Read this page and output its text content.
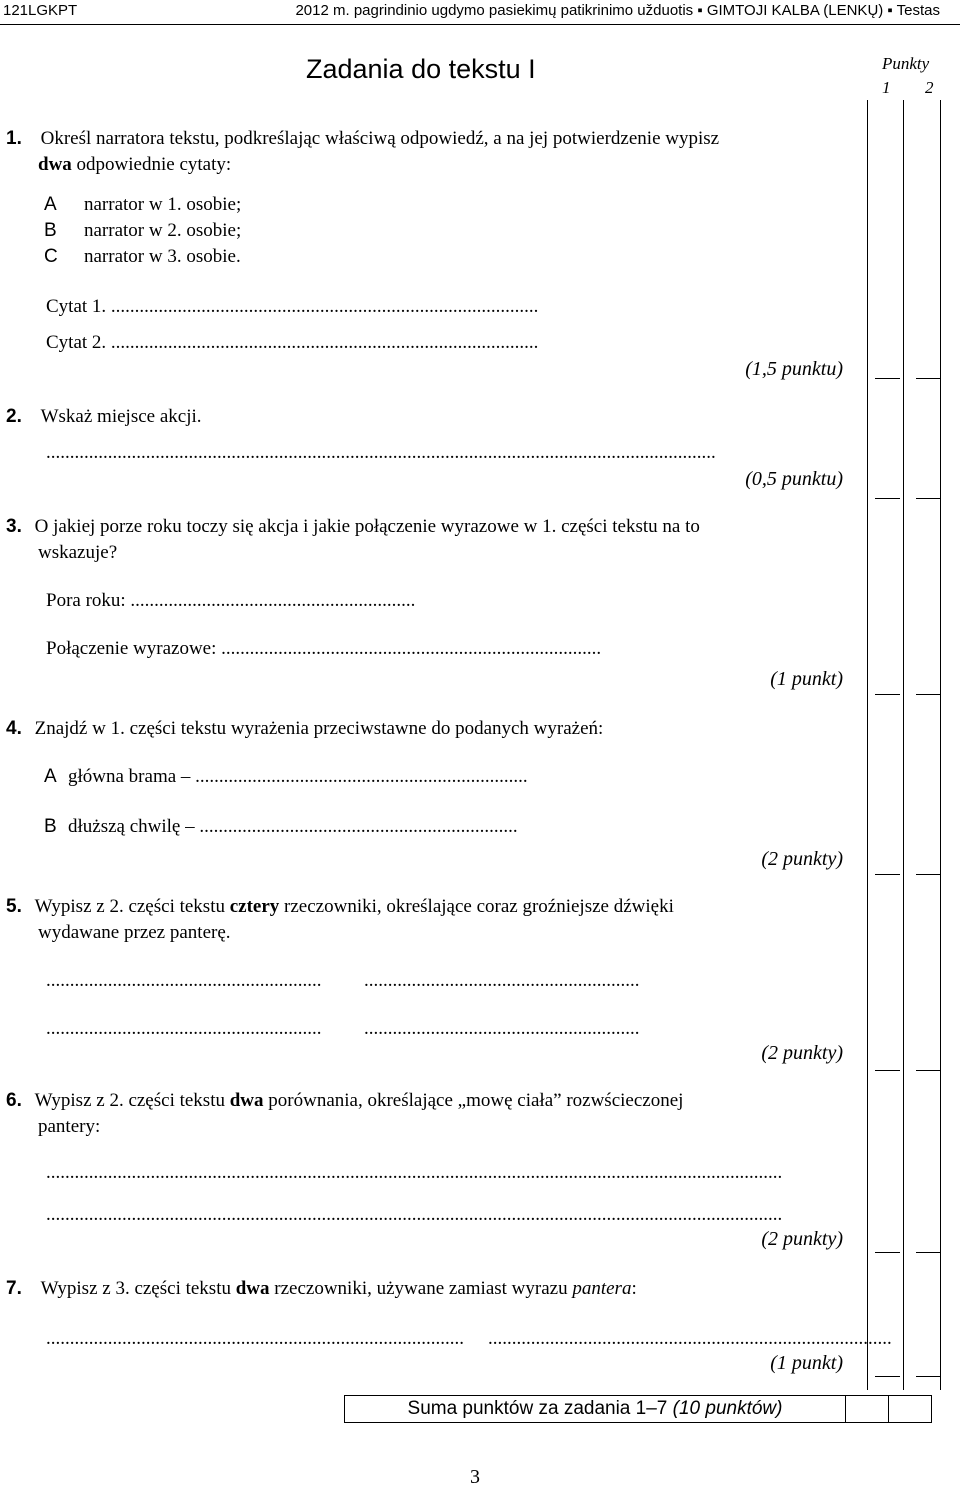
121LGKPT	2012 m. pagrindinio ugdymo pasiekimų patikrinimo užduotis ▪ GIMTOJI KALBA (LENKŲ) ▪ Testas
Zadania do tekstu I	Punkty
1 2
1. Określ narratora tekstu, podkreślając właściwą odpowiedź, a na jej potwierdzenie wypisz
dwa odpowiednie cytaty:
A narrator w 1. osobie;
B narrator w 2. osobie;
C narrator w 3. osobie.
Cytat 1. ..........................................................................................
Cytat 2. ..........................................................................................
(1,5 punktu)
2. Wskaż miejsce akcji.
.............................................................................................................................................
(0,5 punktu)
3. O jakiej porze roku toczy się akcja i jakie połączenie wyrazowe w 1. części tekstu na to
wskazuje?
Pora roku: ............................................................
Połączenie wyrazowe: ................................................................................
(1 punkt)
4. Znajdź w 1. części tekstu wyrażenia przeciwstawne do podanych wyrażeń:
A główna brama – ......................................................................
B dłuższą chwilę – ...................................................................
(2 punkty)
5. Wypisz z 2. części tekstu cztery rzeczowniki, określające coraz groźniejsze dźwięki
wydawane przez panterę.
.......................................................... ..........................................................
.......................................................... ..........................................................
(2 punkty)
6. Wypisz z 2. części tekstu dwa porównania, określające „mowę ciała” rozwścieczonej
pantery:
...........................................................................................................................................................
...........................................................................................................................................................
(2 punkty)
7. Wypisz z 3. części tekstu dwa rzeczowniki, używane zamiast wyrazu pantera:
........................................................................................ .....................................................................................
(1 punkt)
Suma punktów za zadania 1–7 (10 punktów)
3
